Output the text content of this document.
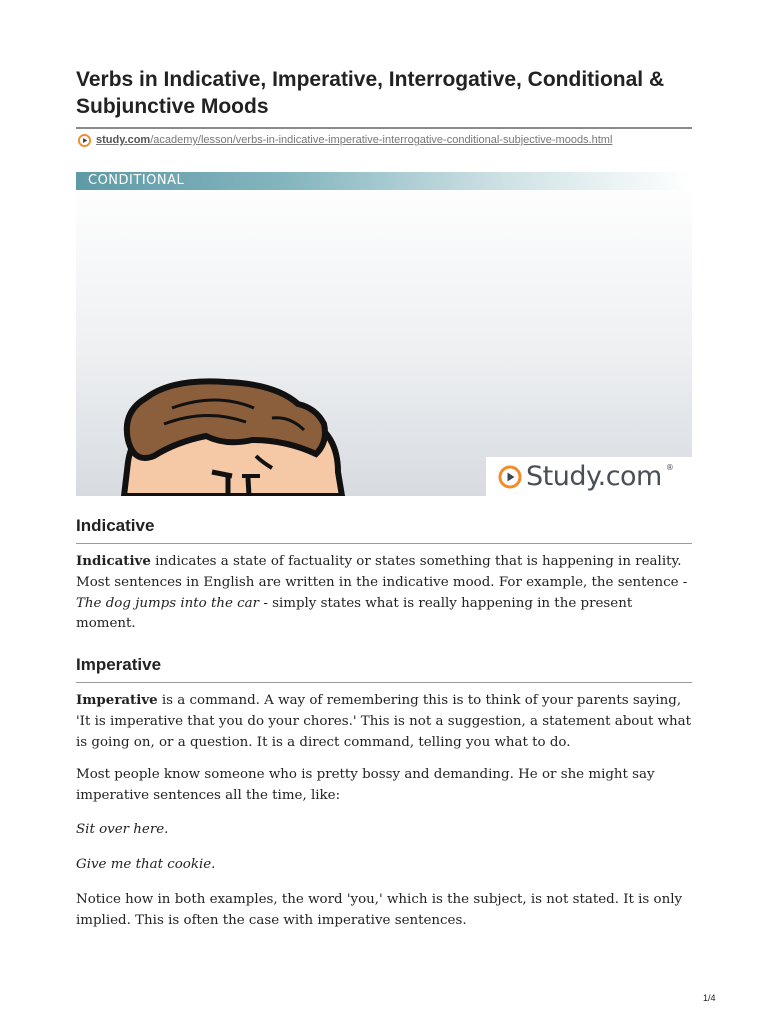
Verbs in Indicative, Imperative, Interrogative, Conditional & Subjunctive Moods
study.com/academy/lesson/verbs-in-indicative-imperative-interrogative-conditional-subjective-moods.html
CONDITIONAL
Study.com ®
Indicative

Indicative indicates a state of factuality or states something that is happening in reality. Most sentences in English are written in the indicative mood. For example, the sentence - The dog jumps into the car - simply states what is really happening in the present moment.

Imperative

Imperative is a command. A way of remembering this is to think of your parents saying, 'It is imperative that you do your chores.' This is not a suggestion, a statement about what is going on, or a question. It is a direct command, telling you what to do.

Most people know someone who is pretty bossy and demanding. He or she might say imperative sentences all the time, like:

Sit over here.

Give me that cookie.

Notice how in both examples, the word 'you,' which is the subject, is not stated. It is only implied. This is often the case with imperative sentences.

1/4
